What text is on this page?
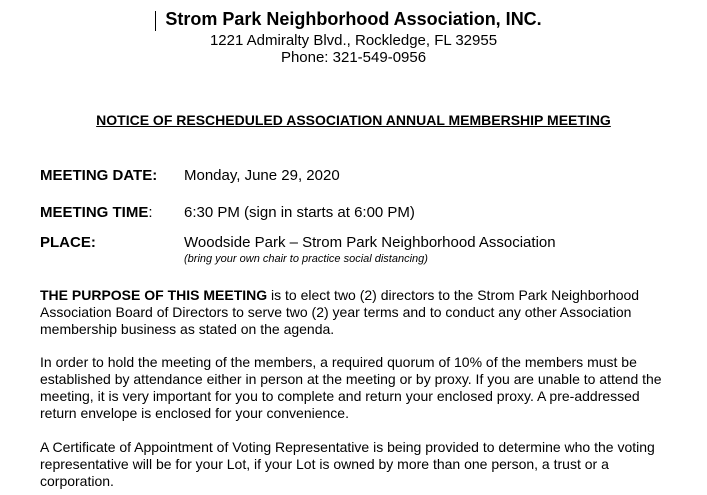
Strom Park Neighborhood Association, INC.
1221 Admiralty Blvd., Rockledge, FL 32955
Phone: 321-549-0956
NOTICE OF RESCHEDULED ASSOCIATION ANNUAL MEMBERSHIP MEETING
MEETING DATE: Monday, June 29, 2020
MEETING TIME: 6:30 PM (sign in starts at 6:00 PM)
PLACE:	Woodside Park – Strom Park Neighborhood Association
(bring your own chair to practice social distancing)

THE PURPOSE OF THIS MEETING is to elect two (2) directors to the Strom Park Neighborhood Association Board of Directors to serve two (2) year terms and to conduct any other Association membership business as stated on the agenda.

In order to hold the meeting of the members, a required quorum of 10% of the members must be established by attendance either in person at the meeting or by proxy. If you are unable to attend the meeting, it is very important for you to complete and return your enclosed proxy. A pre-addressed return envelope is enclosed for your convenience.

A Certificate of Appointment of Voting Representative is being provided to determine who the voting representative will be for your Lot, if your Lot is owned by more than one person, a trust or a corporation.
